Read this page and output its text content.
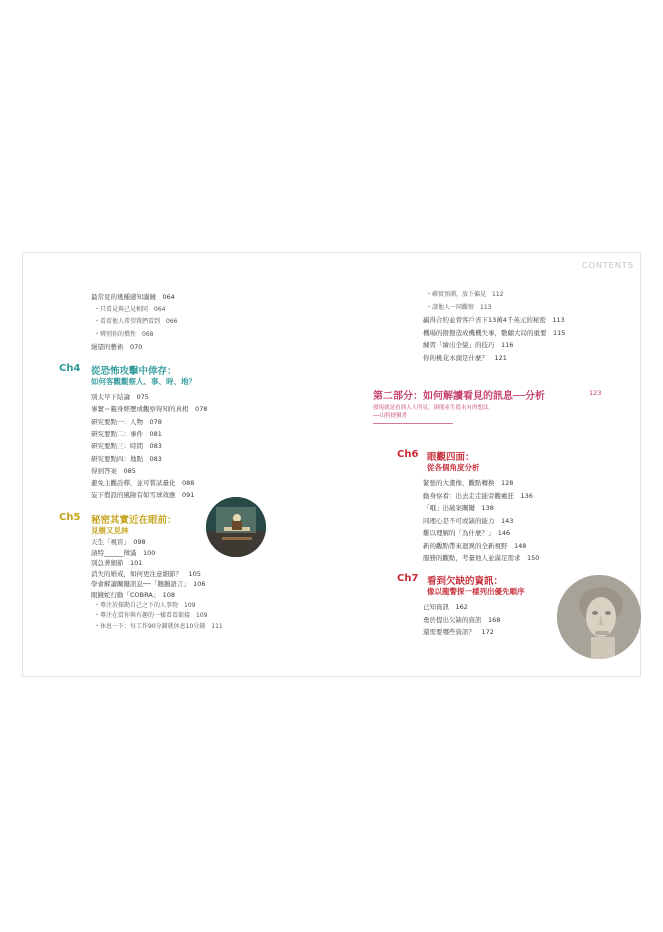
CONTENTS
最常見的幾種感知濾鏡　064
・只看見與己見相同　064
・看看他人希望我們看到　066
・辨別你的慣性　068
絕望的藝術　070
Ch4 從恐怖攻擊中倖存：
如何客觀觀察人、事、時、地？
別太早下結論　075
事實＝親身經歷或觀察得知的真相　078
研究要點一：人物　078
研究要點二：事件　081
研究要點三：時間　083
研究要點四：地點　083
得到答案　085
避免主觀詮釋，並可嘗試量化　088
妄下假設的風險有如雪球效應　091
Ch5 秘密其實近在眼前：
見樹又見林
天生「視盲」　098
請特______徵滿　100
別急著細節　101
消失的婚戒，如何更注意細節？　105
學會解讀關鍵訊息──「鵝鵝語言」　106
眼鏡蛇行動「COBRA」　108
・專注於探勘自己之下的人事物　109
・專注在當你與有趣的一樣看看銜接　109
・休息一下：每工作90分鐘就休息10分鐘　111
・確實預測，放下偏見　112
・請他人一同觀察　113
贏得合約並替客戶省下13萬4千英元的秘密　113
機場的撥撥造成機機失事，數顧大局的重要　115
練習「繪出全貌」的技巧　116
你的桃花木頭是什麼？　121
第二部分：如何解讀看見的訊息──分析	123
發現就是看到人人所見，卻能產生從未有的想法。
──山特捷爾書
Ch6 眼觀四面：
從各個角度分析
緊張的大畫像，觀點轉換　128
動身察看：出去走走能旁觀瘋狂　136
「哦」出破案關鍵　138
同理心是不可或缺的能力　143
難以理解的「為什麼？」　146
新的觀點帶來迴異的全新視野　148
服務的觀點，考量他人並滿足需求　150
Ch7 看到欠缺的資訊：
像以龍警探一樣列出優先順序
已知資訊　162
勇於提出欠缺的資訊　168
還需要哪些資訊？　172
